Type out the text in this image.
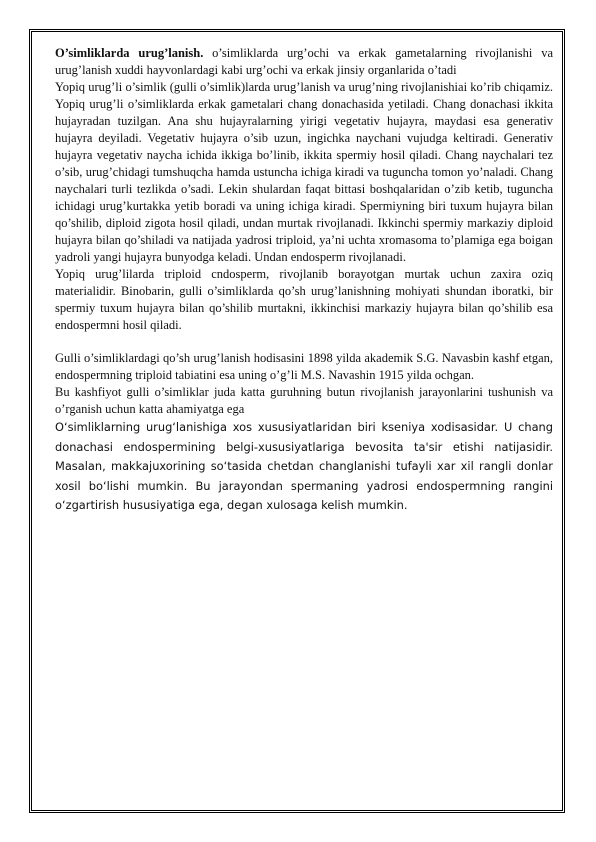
O’simliklarda urug’lanish. o’simliklarda urg’ochi va erkak gametalarning rivojlanishi va urug’lanish xuddi hayvonlardagi kabi urg’ochi va erkak jinsiy organlarida o’tadi

Yopiq urug’li o’simlik (gulli o’simlik)larda urug’lanish va urug’ning rivojlanishiai ko’rib chiqamiz. Yopiq urug’li o’simliklarda erkak gametalari chang donachasida yetiladi. Chang donachasi ikkita hujayradan tuzilgan. Ana shu hujayralarning yirigi vegetativ hujayra, maydasi esa generativ hujayra deyiladi. Vegetativ hujayra o’sib uzun, ingichka naychani vujudga keltiradi. Generativ hujayra vegetativ naycha ichida ikkiga bo’linib, ikkita spermiy hosil qiladi. Chang naychalari tez o’sib, urug’chidagi tumshuqcha hamda ustuncha ichiga kiradi va tuguncha tomon yo’naladi. Chang naychalari turli tezlikda o’sadi. Lekin shulardan faqat bittasi boshqalaridan o’zib ketib, tuguncha ichidagi urug’kurtakka yetib boradi va uning ichiga kiradi. Spermiyning biri tuxum hujayra bilan qo’shilib, diploid zigota hosil qiladi, undan murtak rivojlanadi. Ikkinchi spermiy markaziy diploid hujayra bilan qo’shiladi va natijada yadrosi triploid, ya’ni uchta xromasoma to’plamiga ega boigan yadroli yangi hujayra bunyodga keladi. Undan endosperm rivojlanadi.

Yopiq urug’lilarda triploid cndosperm, rivojlanib borayotgan murtak uchun zaxira oziq materialidir. Binobarin, gulli o’simliklarda qo’sh urug’lanishning mohiyati shundan iboratki, bir spermiy tuxum hujayra bilan qo’shilib murtakni, ikkinchisi markaziy hujayra bilan qo’shilib esa endospermni hosil qiladi.

Gulli o’simliklardagi qo’sh urug’lanish hodisasini 1898 yilda akademik S.G. Navasbin kashf etgan, endospermning triploid tabiatini esa uning o’g’li M.S. Navashin 1915 yilda ochgan.

Bu kashfiyot gulli o’simliklar juda katta guruhning butun rivojlanish jarayonlarini tushunish va o’rganish uchun katta ahamiyatga ega

O‘simliklarning urug‘lanishiga xos xususiyatlaridan biri kseniya xodisasidar. U chang donachasi endospermining belgi-xususiyatlariga bevosita ta'sir etishi natijasidir. Masalan, makkajuxorining so‘tasida chetdan changlanishi tufayli xar xil rangli donlar xosil bo‘lishi mumkin. Bu jarayondan spermaning yadrosi endospermning rangini o‘zgartirish hususiyatiga ega, degan xulosaga kelish mumkin.
